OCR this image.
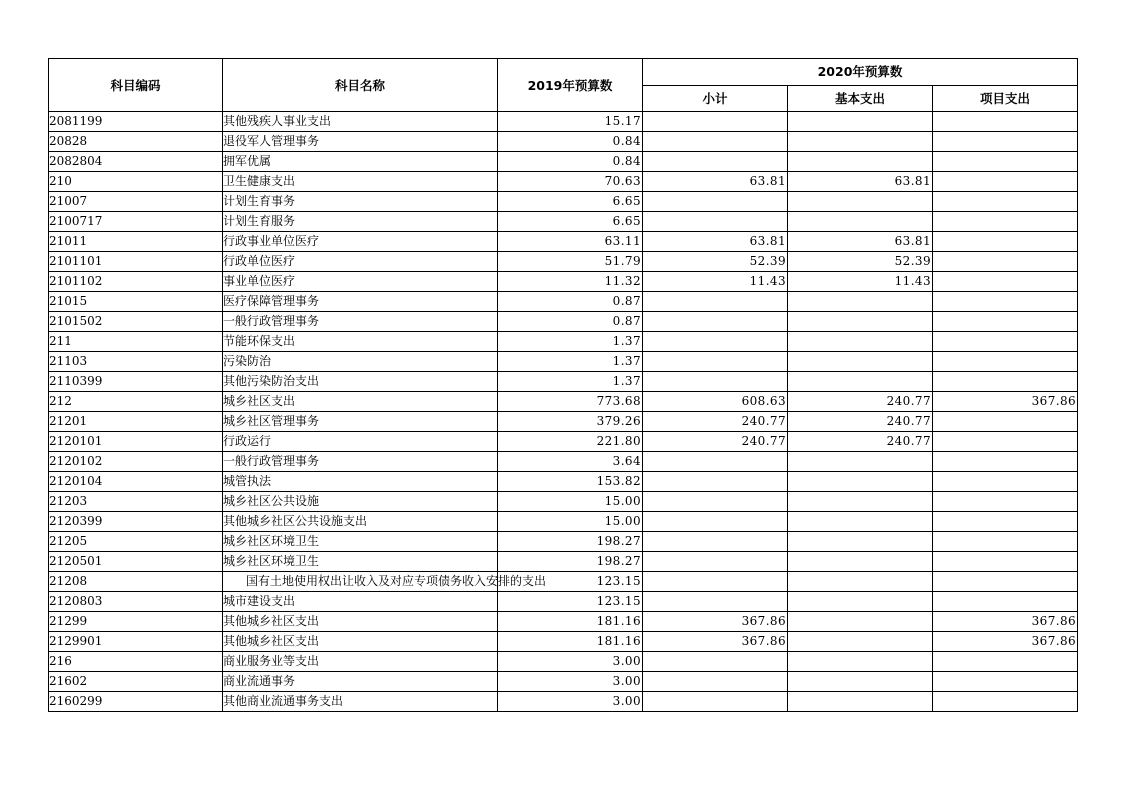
科目编码	科目名称	2019年预算数	2020年预算数		
			小计	基本支出	项目支出
2081199	其他残疾人事业支出	15.17			
20828	退役军人管理事务	0.84			
2082804	拥军优属	0.84			
210	卫生健康支出	70.63	63.81	63.81	
21007	计划生育事务	6.65			
2100717	计划生育服务	6.65			
21011	行政事业单位医疗	63.11	63.81	63.81	
2101101	行政单位医疗	51.79	52.39	52.39	
2101102	事业单位医疗	11.32	11.43	11.43	
21015	医疗保障管理事务	0.87			
2101502	一般行政管理事务	0.87			
211	节能环保支出	1.37			
21103	污染防治	1.37			
2110399	其他污染防治支出	1.37			
212	城乡社区支出	773.68	608.63	240.77	367.86
21201	城乡社区管理事务	379.26	240.77	240.77	
2120101	行政运行	221.80	240.77	240.77	
2120102	一般行政管理事务	3.64			
2120104	城管执法	153.82			
21203	城乡社区公共设施	15.00			
2120399	其他城乡社区公共设施支出	15.00			
21205	城乡社区环境卫生	198.27			
2120501	城乡社区环境卫生	198.27			
21208	国有土地使用权出让收入及对应专项债务收入安排的支出	123.15			
2120803	城市建设支出	123.15			
21299	其他城乡社区支出	181.16	367.86		367.86
2129901	其他城乡社区支出	181.16	367.86		367.86
216	商业服务业等支出	3.00			
21602	商业流通事务	3.00			
2160299	其他商业流通事务支出	3.00			
